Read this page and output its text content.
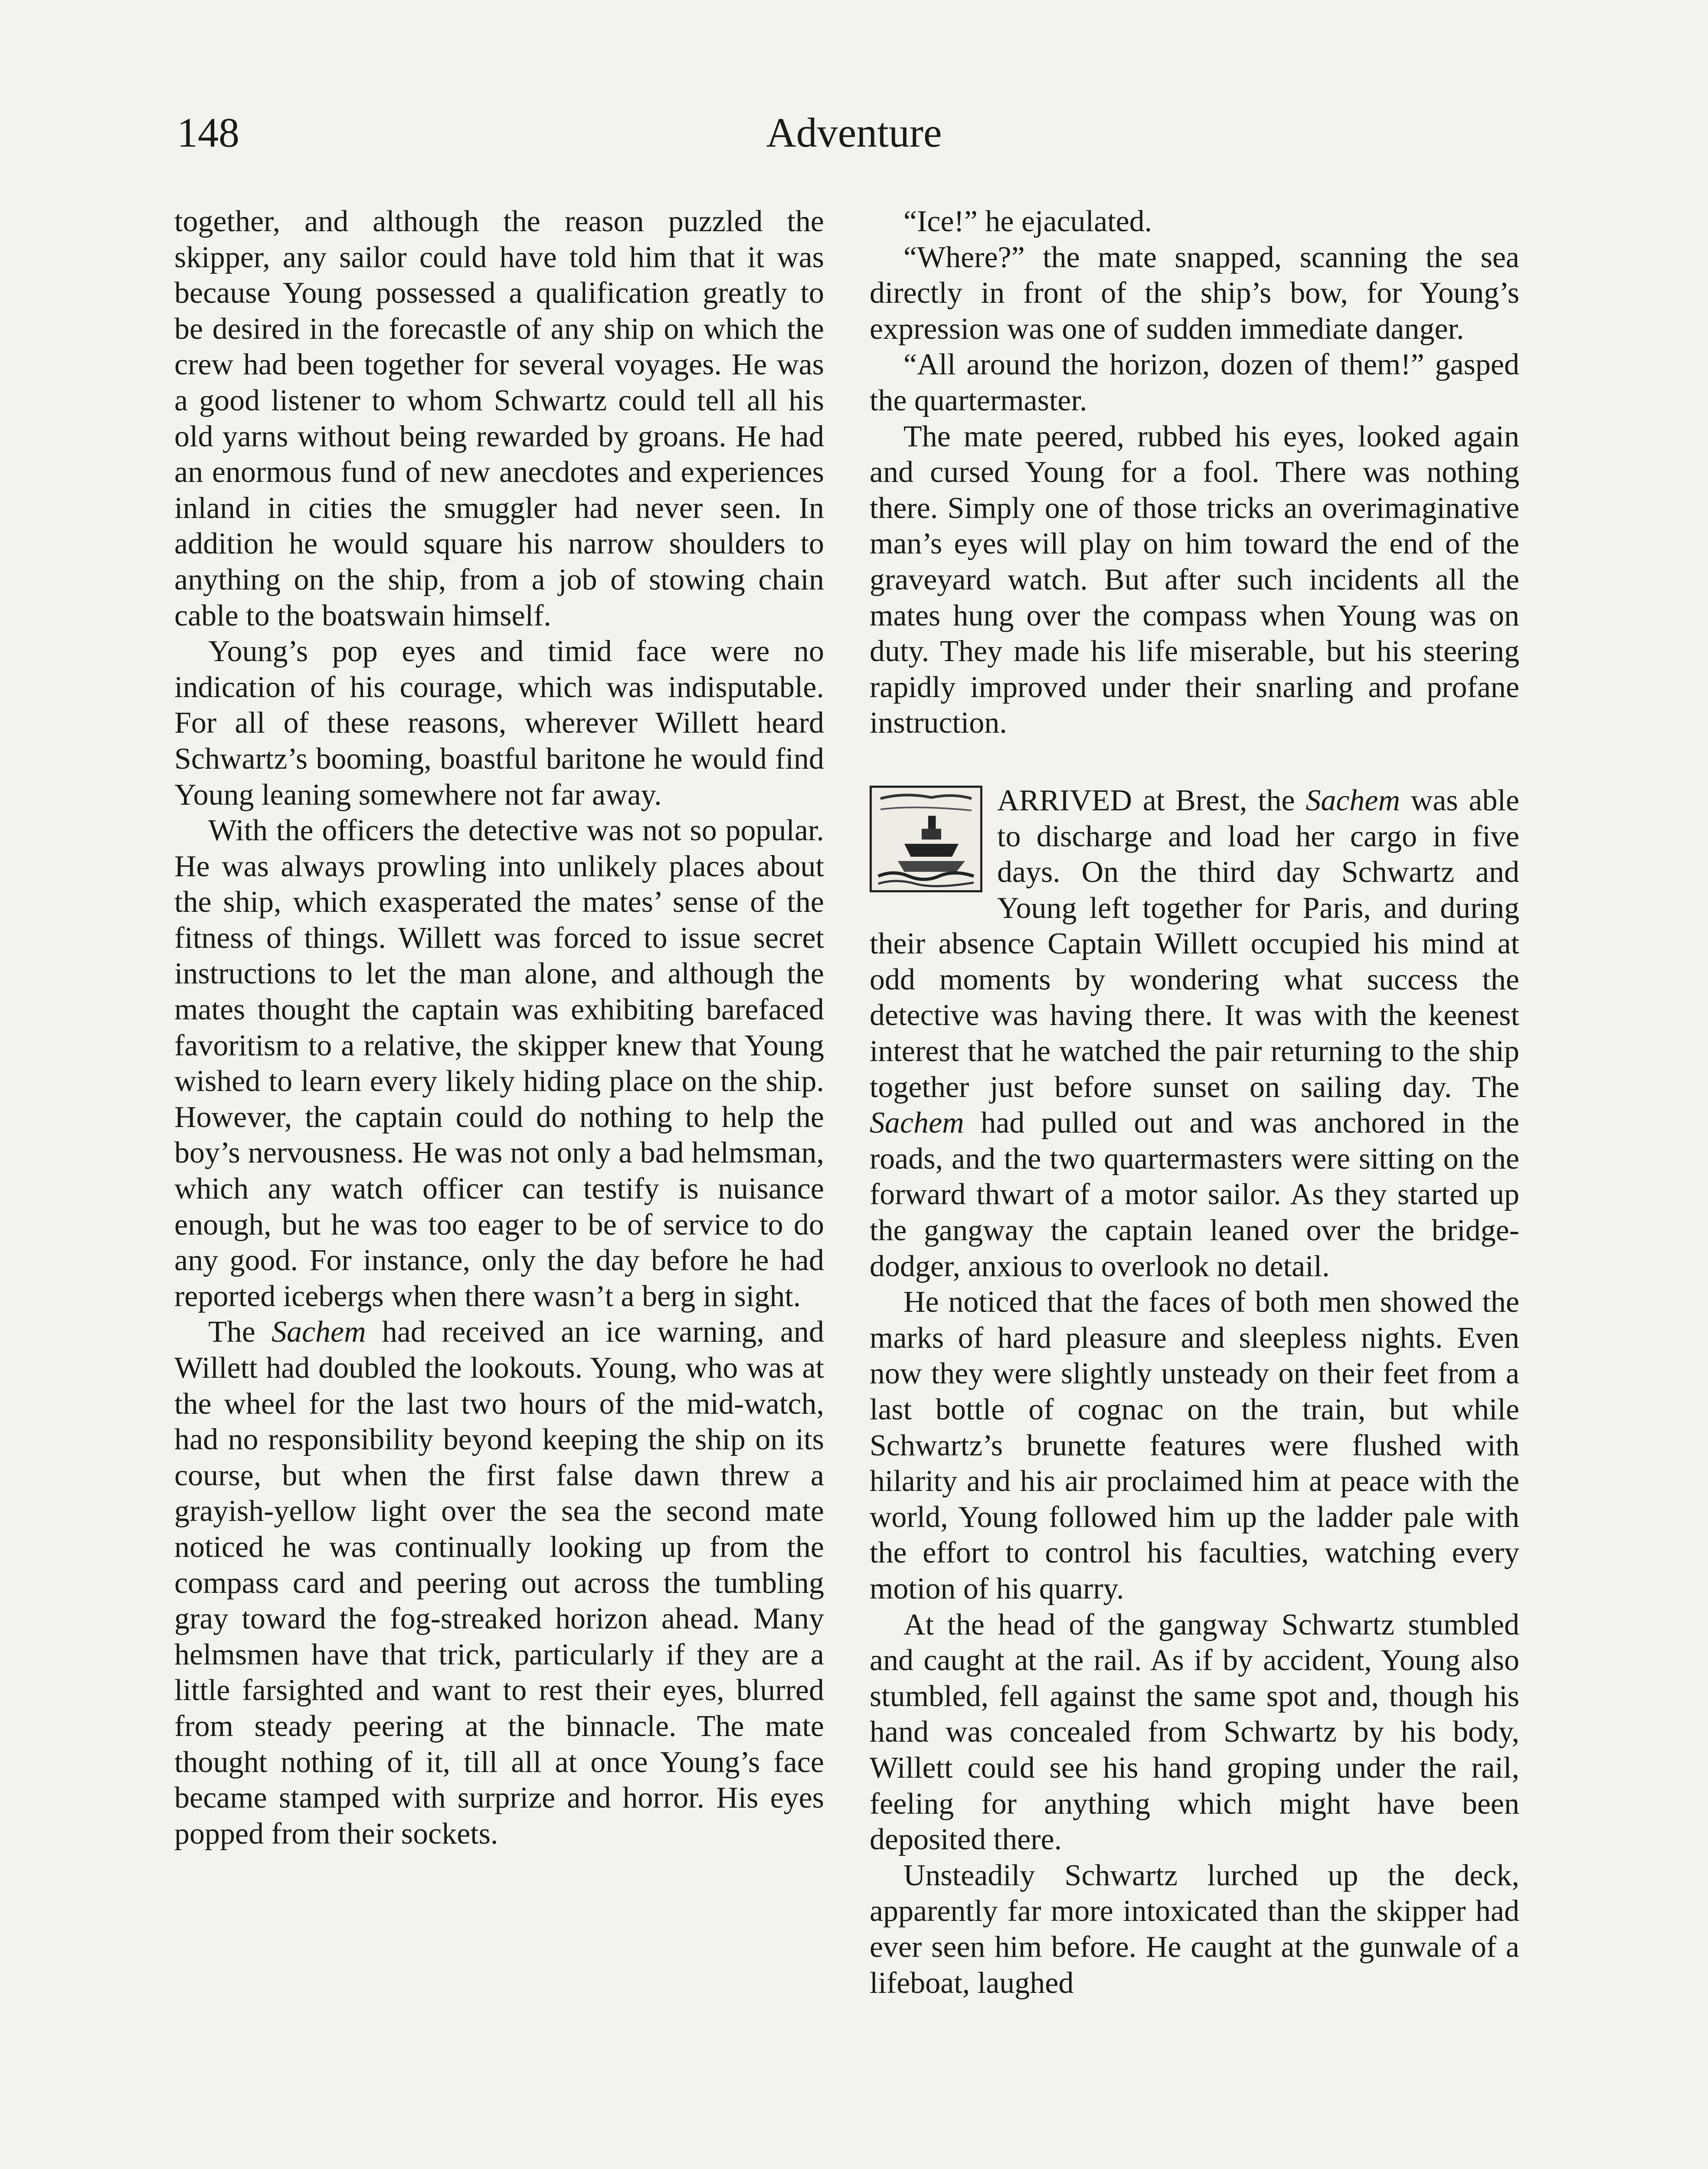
148	Adventure

together, and although the reason puzzled the skipper, any sailor could have told him that it was because Young possessed a qualification greatly to be desired in the forecastle of any ship on which the crew had been together for several voyages. He was a good listener to whom Schwartz could tell all his old yarns without being rewarded by groans. He had an enormous fund of new anecdotes and experiences inland in cities the smuggler had never seen. In addition he would square his narrow shoulders to anything on the ship, from a job of stowing chain cable to the boatswain himself.

Young’s pop eyes and timid face were no indication of his courage, which was indisputable. For all of these reasons, wherever Willett heard Schwartz’s booming, boastful baritone he would find Young leaning somewhere not far away.

With the officers the detective was not so popular. He was always prowling into unlikely places about the ship, which exasperated the mates’ sense of the fitness of things. Willett was forced to issue secret instructions to let the man alone, and although the mates thought the captain was exhibiting barefaced favoritism to a relative, the skipper knew that Young wished to learn every likely hiding place on the ship. However, the captain could do nothing to help the boy’s nervousness. He was not only a bad helmsman, which any watch officer can testify is nuisance enough, but he was too eager to be of service to do any good. For instance, only the day before he had reported icebergs when there wasn’t a berg in sight.

The Sachem had received an ice warning, and Willett had doubled the lookouts. Young, who was at the wheel for the last two hours of the mid-watch, had no responsibility beyond keeping the ship on its course, but when the first false dawn threw a grayish-yellow light over the sea the second mate noticed he was continually looking up from the compass card and peering out across the tumbling gray toward the fog-streaked horizon ahead. Many helmsmen have that trick, particularly if they are a little farsighted and want to rest their eyes, blurred from steady peering at the binnacle. The mate thought nothing of it, till all at once Young’s face became stamped with surprize and horror. His eyes popped from their sockets.

“Ice!” he ejaculated.

“Where?” the mate snapped, scanning the sea directly in front of the ship’s bow, for Young’s expression was one of sudden immediate danger.

“All around the horizon, dozen of them!” gasped the quartermaster.

The mate peered, rubbed his eyes, looked again and cursed Young for a fool. There was nothing there. Simply one of those tricks an overimaginative man’s eyes will play on him toward the end of the graveyard watch. But after such incidents all the mates hung over the compass when Young was on duty. They made his life miserable, but his steering rapidly improved under their snarling and profane instruction.

ARRIVED at Brest, the Sachem was able to discharge and load her cargo in five days. On the third day Schwartz and Young left together for Paris, and during their absence Captain Willett occupied his mind at odd moments by wondering what success the detective was having there. It was with the keenest interest that he watched the pair returning to the ship together just before sunset on sailing day. The Sachem had pulled out and was anchored in the roads, and the two quartermasters were sitting on the forward thwart of a motor sailor. As they started up the gangway the captain leaned over the bridge-dodger, anxious to overlook no detail.

He noticed that the faces of both men showed the marks of hard pleasure and sleepless nights. Even now they were slightly unsteady on their feet from a last bottle of cognac on the train, but while Schwartz’s brunette features were flushed with hilarity and his air proclaimed him at peace with the world, Young followed him up the ladder pale with the effort to control his faculties, watching every motion of his quarry.

At the head of the gangway Schwartz stumbled and caught at the rail. As if by accident, Young also stumbled, fell against the same spot and, though his hand was concealed from Schwartz by his body, Willett could see his hand groping under the rail, feeling for anything which might have been deposited there.

Unsteadily Schwartz lurched up the deck, apparently far more intoxicated than the skipper had ever seen him before. He caught at the gunwale of a lifeboat, laughed
